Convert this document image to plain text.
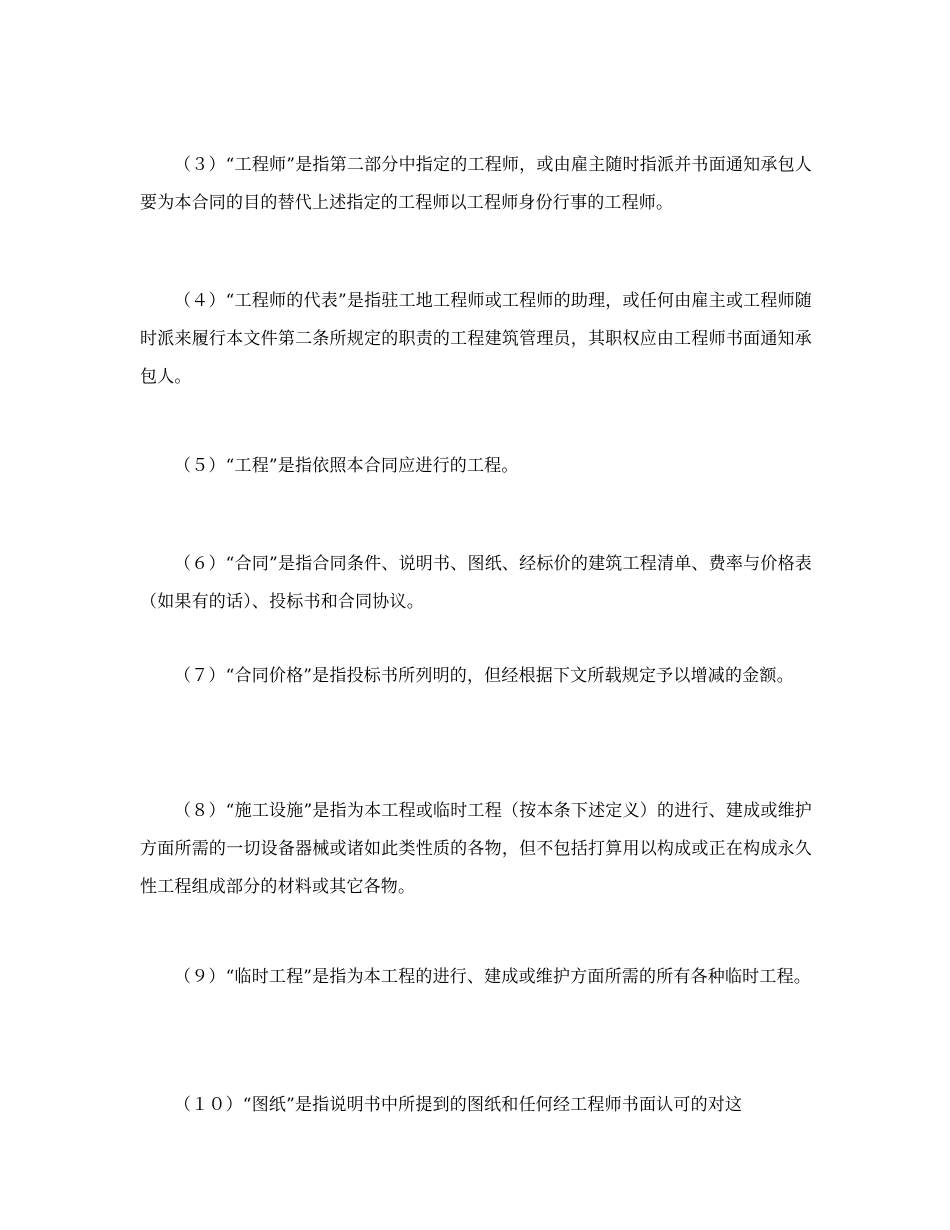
（３）“工程师”是指第二部分中指定的工程师，或由雇主随时指派并书面通知承包人要为本合同的目的替代上述指定的工程师以工程师身份行事的工程师。

（４）“工程师的代表”是指驻工地工程师或工程师的助理，或任何由雇主或工程师随时派来履行本文件第二条所规定的职责的工程建筑管理员，其职权应由工程师书面通知承包人。

（５）“工程”是指依照本合同应进行的工程。

（６）“合同”是指合同条件、说明书、图纸、经标价的建筑工程清单、费率与价格表（如果有的话）、投标书和合同协议。

（７）“合同价格”是指投标书所列明的，但经根据下文所载规定予以增减的金额。

（８）“施工设施”是指为本工程或临时工程（按本条下述定义）的进行、建成或维护方面所需的一切设备器械或诸如此类性质的各物，但不包括打算用以构成或正在构成永久性工程组成部分的材料或其它各物。

（９）“临时工程”是指为本工程的进行、建成或维护方面所需的所有各种临时工程。

（１０）“图纸”是指说明书中所提到的图纸和任何经工程师书面认可的对这
